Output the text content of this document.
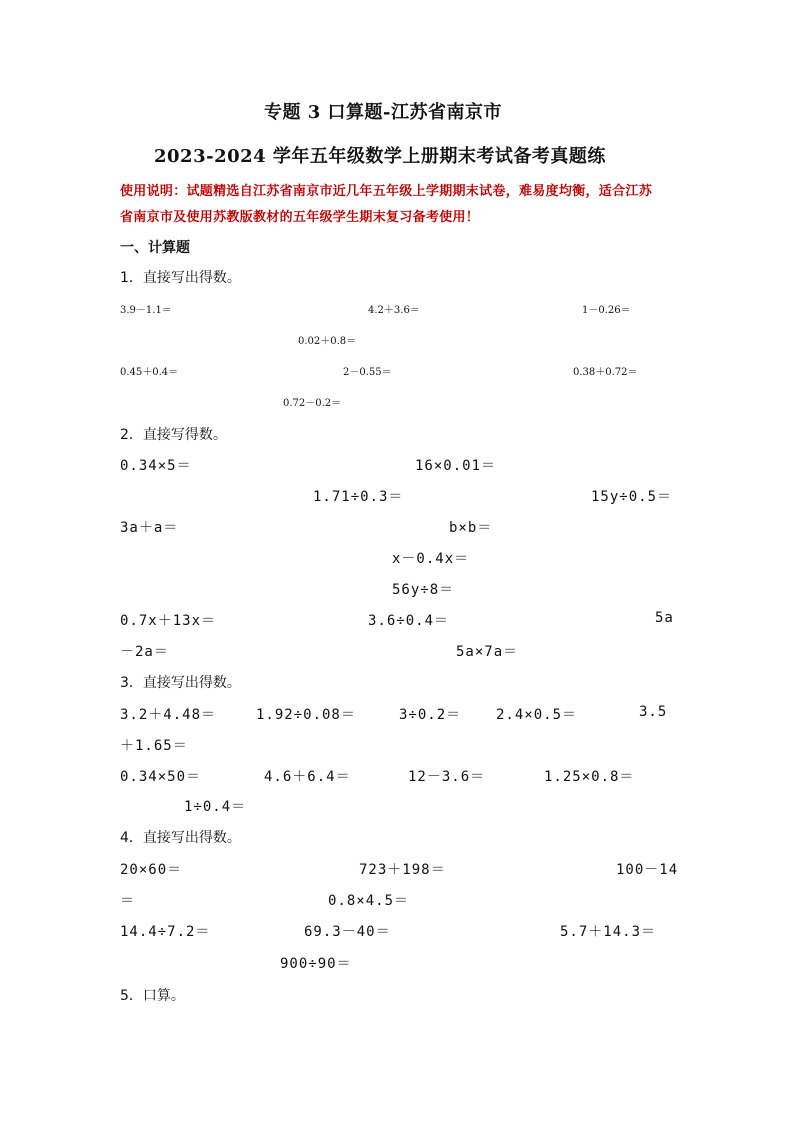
专题 3 口算题-江苏省南京市
2023-2024 学年五年级数学上册期末考试备考真题练
使用说明：试题精选自江苏省南京市近几年五年级上学期期末试卷，难易度均衡，适合江苏
省南京市及使用苏教版教材的五年级学生期末复习备考使用！
一、计算题
1．直接写出得数。
3.9－1.1＝	4.2＋3.6＝	1－0.26＝
0.02＋0.8＝
0.45＋0.4＝	2－0.55＝	0.38＋0.72＝
0.72－0.2＝
2．直接写得数。
0.34×5＝	16×0.01＝
1.71÷0.3＝	15y÷0.5＝
3a＋a＝	b×b＝
x－0.4x＝
56y÷8＝
0.7x＋13x＝	3.6÷0.4＝	5a
－2a＝	5a×7a＝
3．直接写出得数。
3.2＋4.48＝	1.92÷0.08＝	3÷0.2＝ 2.4×0.5＝	3.5
＋1.65＝
0.34×50＝	4.6＋6.4＝	12－3.6＝	1.25×0.8＝
1÷0.4＝
4．直接写出得数。
20×60＝	723＋198＝	100－14
＝	0.8×4.5＝
14.4÷7.2＝	69.3－40＝	5.7＋14.3＝
900÷90＝
5．口算。
